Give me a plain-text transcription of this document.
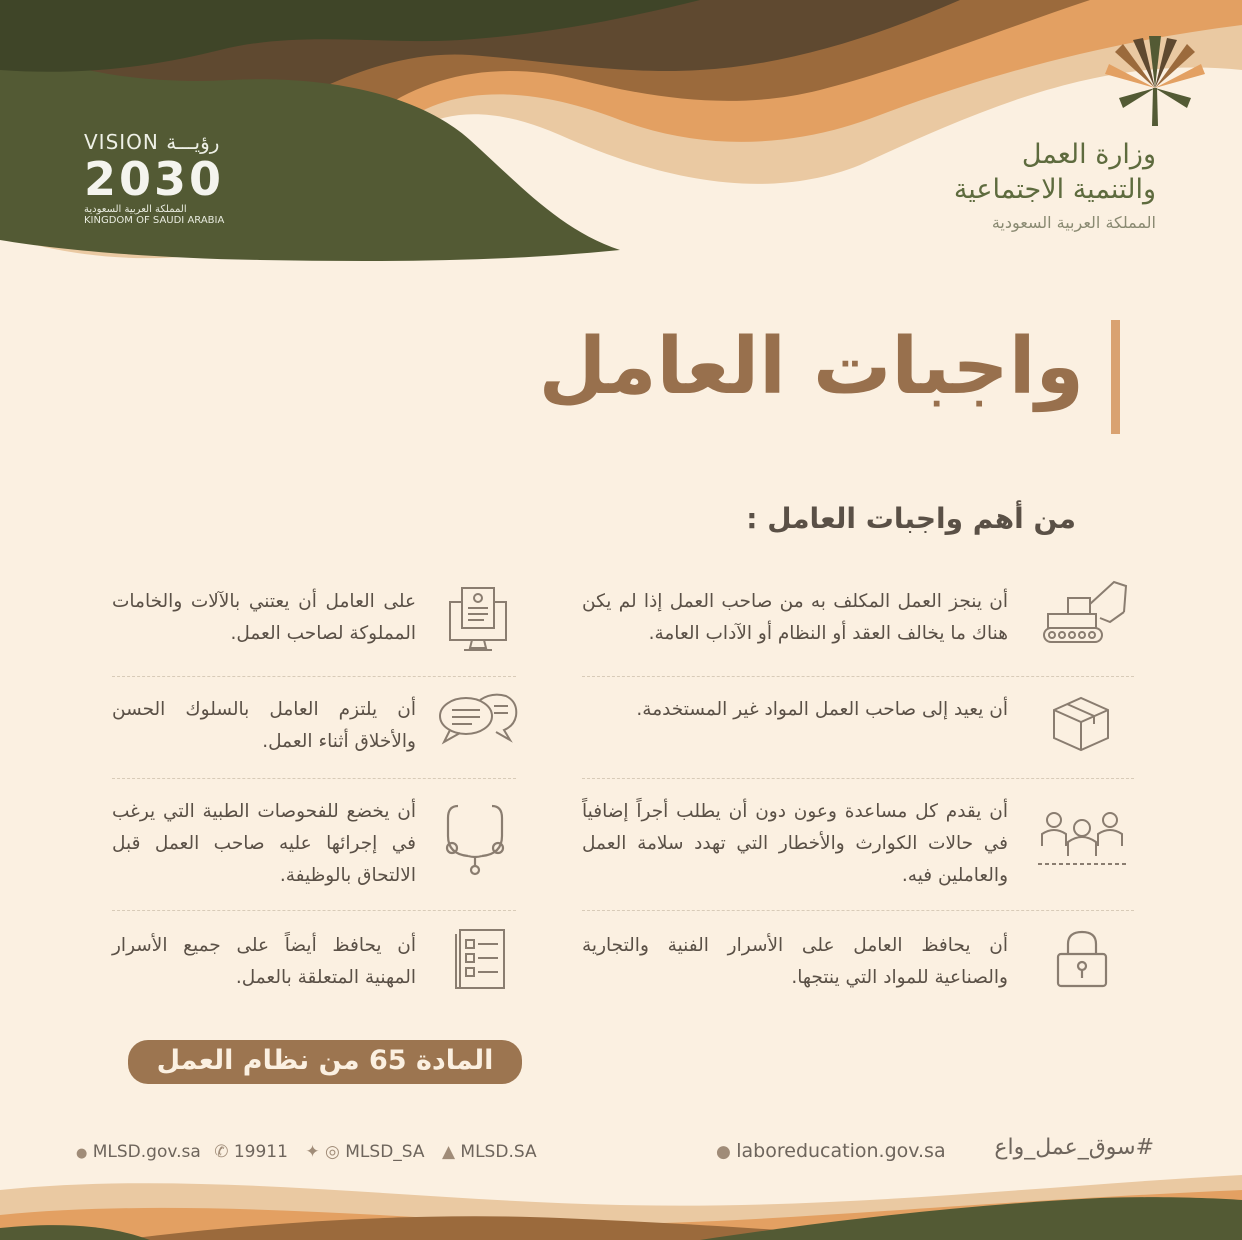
وزارة العمل
والتنمية الاجتماعية
المملكة العربية السعودية
VISION رؤيـــة
2030
المملكة العربية السعودية
KINGDOM OF SAUDI ARABIA
واجبات العامل
من أهم واجبات العامل :
أن ينجز العمل المكلف به من صاحب العمل إذا لم يكن هناك ما يخالف العقد أو النظام أو الآداب العامة.
أن يعيد إلى صاحب العمل المواد غير المستخدمة.
أن يقدم كل مساعدة وعون دون أن يطلب أجراً إضافياً في حالات الكوارث والأخطار التي تهدد سلامة العمل والعاملين فيه.
أن يحافظ العامل على الأسرار الفنية والتجارية والصناعية للمواد التي ينتجها.
على العامل أن يعتني بالآلات والخامات المملوكة لصاحب العمل.
أن يلتزم العامل بالسلوك الحسن والأخلاق أثناء العمل.
أن يخضع للفحوصات الطبية التي يرغب في إجرائها عليه صاحب العمل قبل الالتحاق بالوظيفة.
أن يحافظ أيضاً على جميع الأسرار المهنية المتعلقة بالعمل.
المادة 65 من نظام العمل
#سوق_عمل_واع
● laboreducation.gov.sa
● MLSD.gov.sa ✆ 19911 ✦ ◎ MLSD_SA ▲ MLSD.SA
